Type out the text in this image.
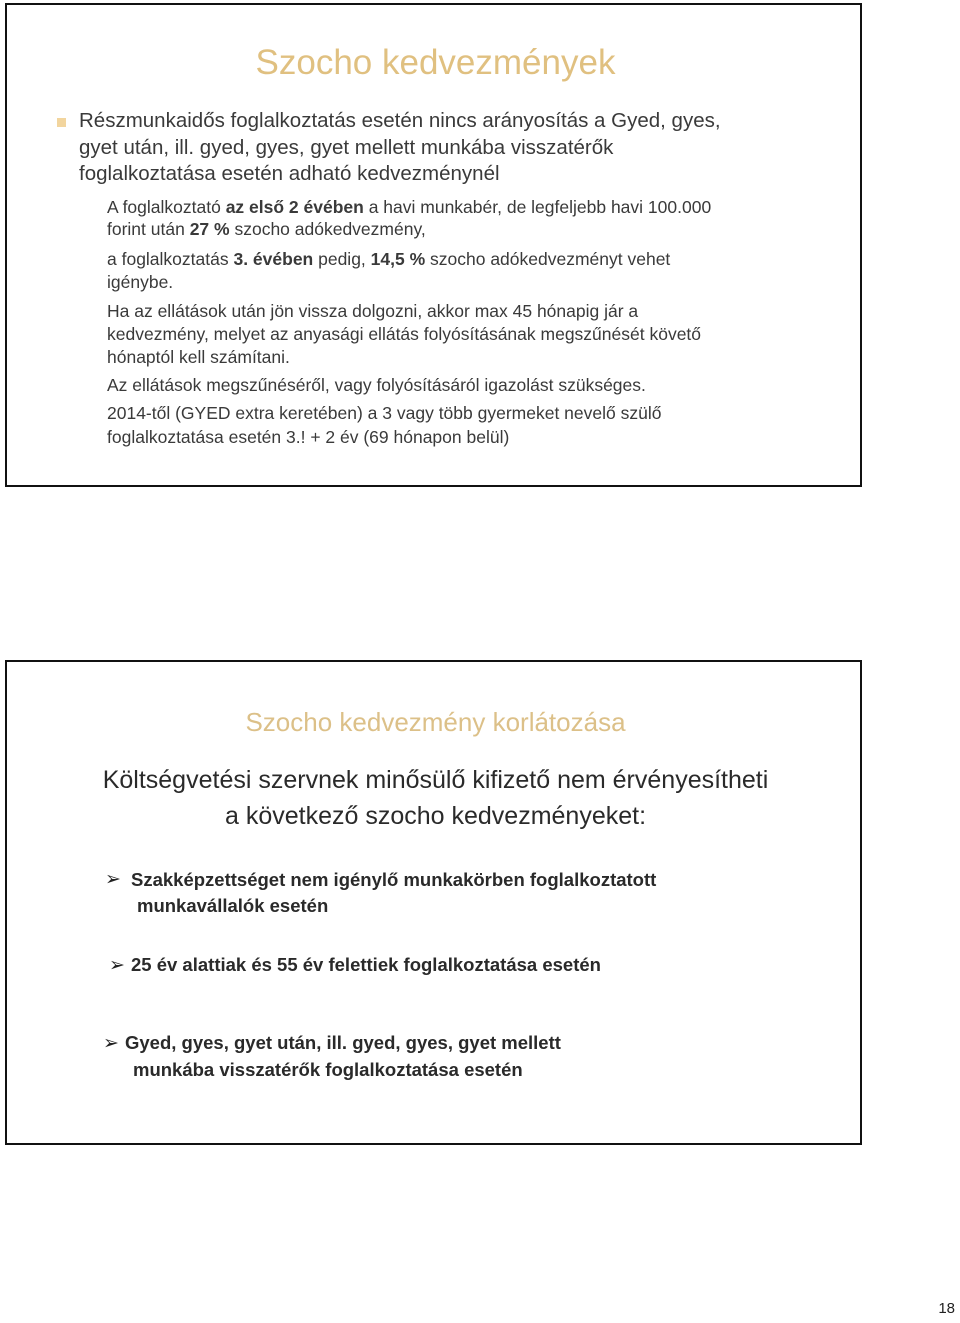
Szocho kedvezmények
Részmunkaidős foglalkoztatás esetén nincs arányosítás a Gyed, gyes,
gyet után, ill. gyed, gyes, gyet mellett munkába visszatérők
foglalkoztatása esetén adható kedvezménynél
A foglalkoztató az első 2 évében a havi munkabér, de legfeljebb havi 100.000
forint után 27 % szocho adókedvezmény,
a foglalkoztatás 3. évében pedig, 14,5 % szocho adókedvezményt vehet
igénybe.
Ha az ellátások után jön vissza dolgozni, akkor max 45 hónapig jár a
kedvezmény, melyet az anyasági ellátás folyósításának megszűnését követő
hónaptól kell számítani.
Az ellátások megszűnéséről, vagy folyósításáról igazolást szükséges.
2014-től (GYED extra keretében) a 3 vagy több gyermeket nevelő szülő
foglalkoztatása esetén 3.! + 2 év (69 hónapon belül)
Szocho kedvezmény korlátozása
Költségvetési szervnek minősülő kifizető nem érvényesítheti
a következő szocho kedvezményeket:
➢ Szakképzettséget nem igénylő munkakörben foglalkoztatott
munkavállalók esetén
➢ 25 év alattiak és 55 év felettiek foglalkoztatása esetén
➢ Gyed, gyes, gyet után, ill. gyed, gyes, gyet mellett
munkába visszatérők foglalkoztatása esetén
18
